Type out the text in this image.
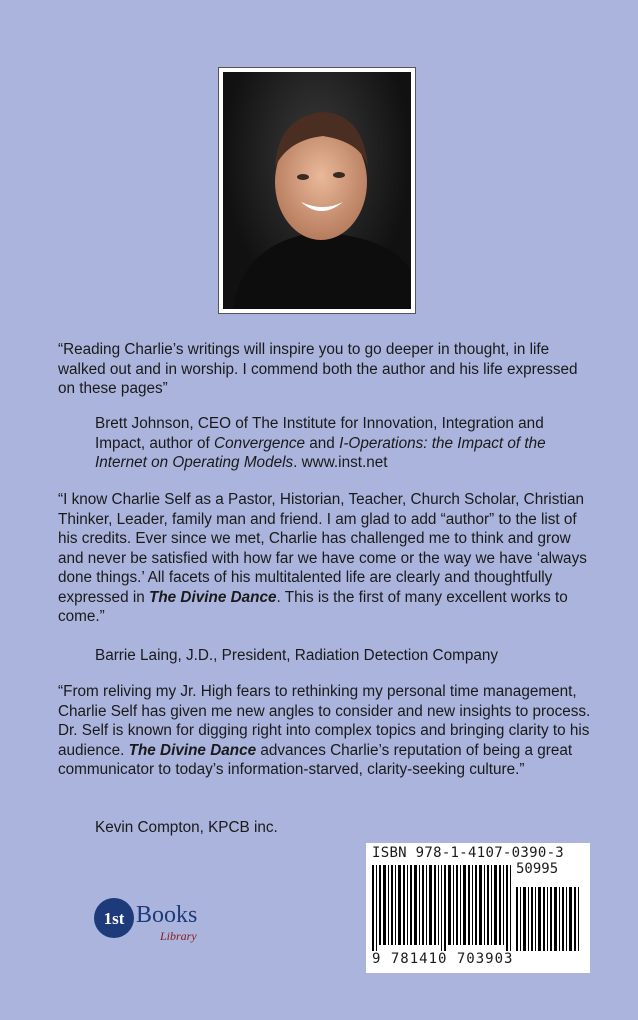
“Reading Charlie’s writings will inspire you to go deeper in thought, in life walked out and in worship. I commend both the author and his life expressed on these pages”
Brett Johnson, CEO of The Institute for Innovation, Integration and Impact, author of Convergence and I-Operations: the Impact of the Internet on Operating Models. www.inst.net
“I know Charlie Self as a Pastor, Historian, Teacher, Church Scholar, Christian Thinker, Leader, family man and friend. I am glad to add “author” to the list of his credits. Ever since we met, Charlie has challenged me to think and grow and never be satisfied with how far we have come or the way we have ‘always done things.’ All facets of his multitalented life are clearly and thoughtfully expressed in The Divine Dance. This is the first of many excellent works to come.”
Barrie Laing, J.D., President, Radiation Detection Company
“From reliving my Jr. High fears to rethinking my personal time management, Charlie Self has given me new angles to consider and new insights to process. Dr. Self is known for digging right into complex topics and bringing clarity to his audience. The Divine Dance advances Charlie’s reputation of being a great communicator to today’s information-starved, clarity-seeking culture.”
Kevin Compton, KPCB inc.
1st Books
Library
ISBN 978-1-4107-0390-3
50995
9 781410 703903
